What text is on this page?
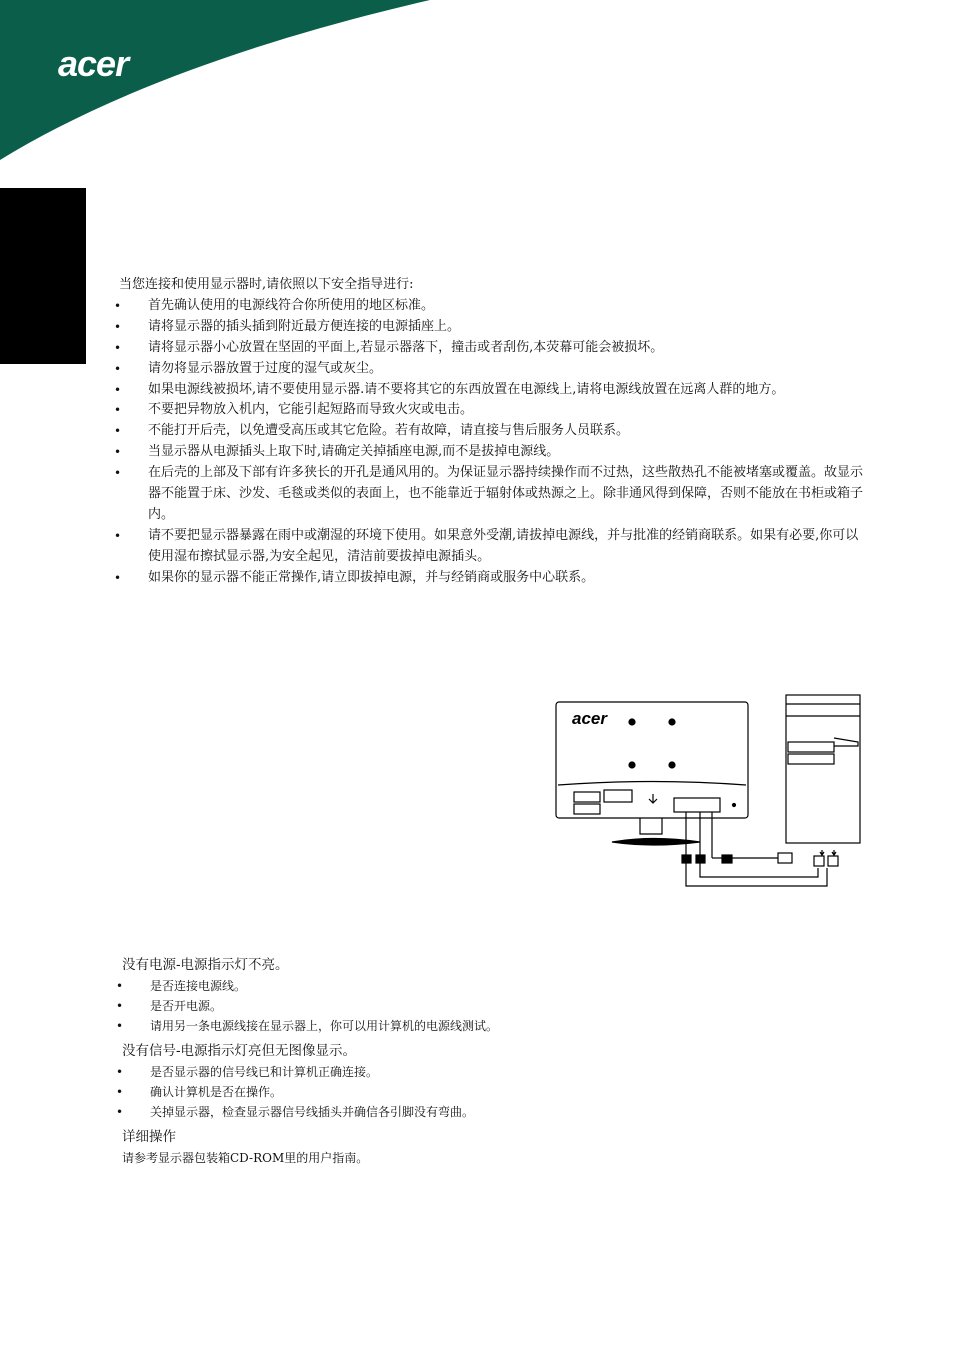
acer

当您连接和使用显示器时,请依照以下安全指导进行:

• 首先确认使用的电源线符合你所使用的地区标准。
• 请将显示器的插头插到附近最方便连接的电源插座上。
• 请将显示器小心放置在坚固的平面上,若显示器落下，撞击或者刮伤,本荧幕可能会被损坏。
• 请勿将显示器放置于过度的湿气或灰尘。
• 如果电源线被损坏,请不要使用显示器.请不要将其它的东西放置在电源线上,请将电源线放置在远离人群的地方。
• 不要把异物放入机内，它能引起短路而导致火灾或电击。
• 不能打开后壳，以免遭受高压或其它危险。若有故障，请直接与售后服务人员联系。
• 当显示器从电源插头上取下时,请确定关掉插座电源,而不是拔掉电源线。
• 在后壳的上部及下部有许多狭长的开孔是通风用的。为保证显示器持续操作而不过热，这些散热孔不能被堵塞或覆盖。故显示器不能置于床、沙发、毛毯或类似的表面上，也不能靠近于辐射体或热源之上。除非通风得到保障，否则不能放在书柜或箱子内。
• 请不要把显示器暴露在雨中或潮湿的环境下使用。如果意外受潮,请拔掉电源线，并与批准的经销商联系。如果有必要,你可以使用湿布擦拭显示器,为安全起见，清洁前要拔掉电源插头。
• 如果你的显示器不能正常操作,请立即拔掉电源，并与经销商或服务中心联系。
acer

没有电源-电源指示灯不亮。

• 是否连接电源线。
• 是否开电源。
• 请用另一条电源线接在显示器上，你可以用计算机的电源线测试。

没有信号-电源指示灯亮但无图像显示。

• 是否显示器的信号线已和计算机正确连接。
• 确认计算机是否在操作。
• 关掉显示器，检查显示器信号线插头并确信各引脚没有弯曲。

详细操作

请参考显示器包装箱CD-ROM里的用户指南。
